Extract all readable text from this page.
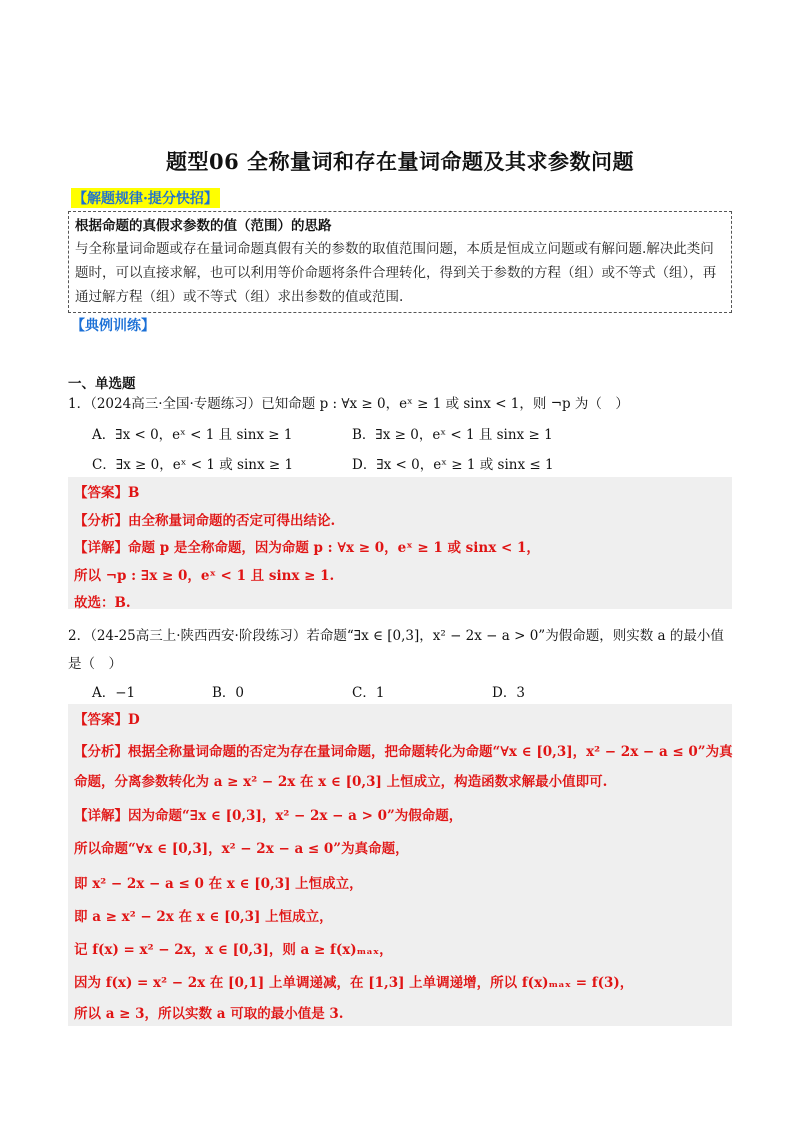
题型06 全称量词和存在量词命题及其求参数问题
【解题规律·提分快招】
根据命题的真假求参数的值（范围）的思路
与全称量词命题或存在量词命题真假有关的参数的取值范围问题，本质是恒成立问题或有解问题.解决此类问题时，可以直接求解，也可以利用等价命题将条件合理转化，得到关于参数的方程（组）或不等式（组），再通过解方程（组）或不等式（组）求出参数的值或范围.
【典例训练】
一、单选题
1．（2024高三·全国·专题练习）已知命题 p : ∀x ≥ 0，eˣ ≥ 1 或 sinx < 1，则 ¬p 为（　）
A．∃x < 0，eˣ < 1 且 sinx ≥ 1	B．∃x ≥ 0，eˣ < 1 且 sinx ≥ 1
C．∃x ≥ 0，eˣ < 1 或 sinx ≥ 1	D．∃x < 0，eˣ ≥ 1 或 sinx ≤ 1
【答案】B
【分析】由全称量词命题的否定可得出结论.
【详解】命题 p 是全称命题，因为命题 p : ∀x ≥ 0，eˣ ≥ 1 或 sinx < 1，
所以 ¬p : ∃x ≥ 0，eˣ < 1 且 sinx ≥ 1.
故选：B.
2．（24-25高三上·陕西西安·阶段练习）若命题“∃x ∈ [0,3]，x² − 2x − a > 0”为假命题，则实数 a 的最小值
是（　）
A．−1	B．0	C．1	D．3
【答案】D
【分析】根据全称量词命题的否定为存在量词命题，把命题转化为命题“∀x ∈ [0,3]，x² − 2x − a ≤ 0”为真
命题，分离参数转化为 a ≥ x² − 2x 在 x ∈ [0,3] 上恒成立，构造函数求解最小值即可.
【详解】因为命题“∃x ∈ [0,3]，x² − 2x − a > 0”为假命题，
所以命题“∀x ∈ [0,3]，x² − 2x − a ≤ 0”为真命题，
即 x² − 2x − a ≤ 0 在 x ∈ [0,3] 上恒成立，
即 a ≥ x² − 2x 在 x ∈ [0,3] 上恒成立，
记 f(x) = x² − 2x，x ∈ [0,3]，则 a ≥ f(x)ₘₐₓ，
因为 f(x) = x² − 2x 在 [0,1] 上单调递减，在 [1,3] 上单调递增，所以 f(x)ₘₐₓ = f(3)，
所以 a ≥ 3，所以实数 a 可取的最小值是 3.
